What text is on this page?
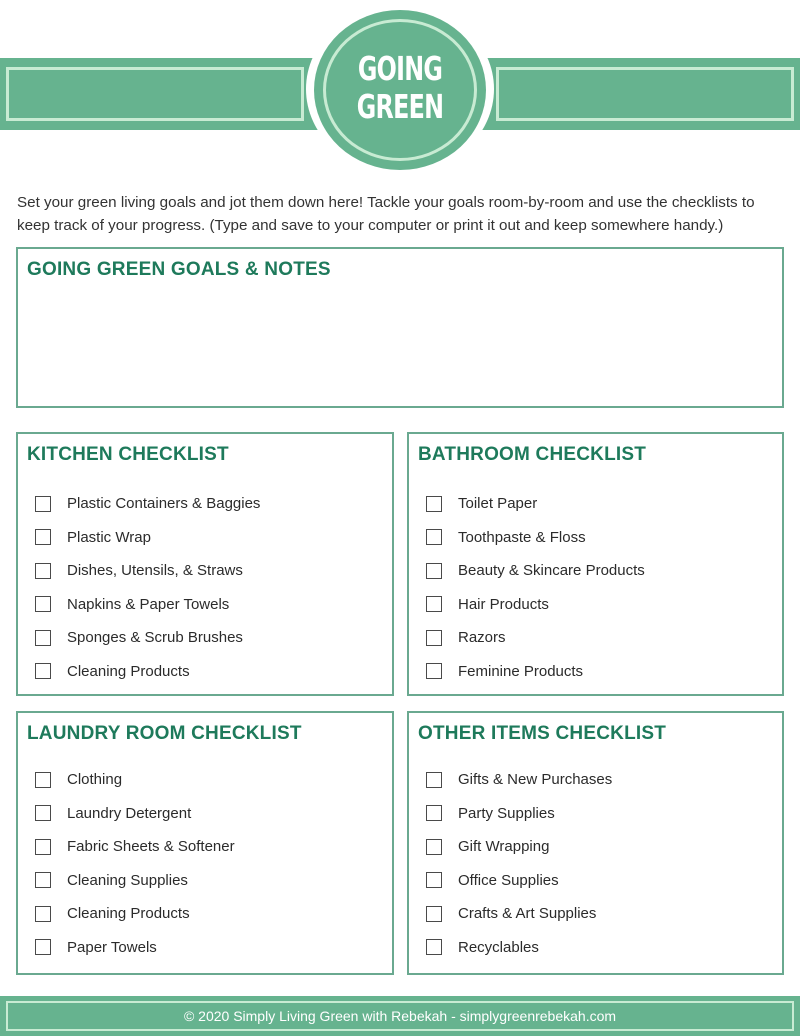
GOING
GREEN

Set your green living goals and jot them down here! Tackle your goals room-by-room and use the checklists to keep track of your progress. (Type and save to your computer or print it out and keep somewhere handy.)

GOING GREEN GOALS & NOTES
KITCHEN CHECKLIST
Plastic Containers & Baggies
Plastic Wrap
Dishes, Utensils, & Straws
Napkins & Paper Towels
Sponges & Scrub Brushes
Cleaning Products
BATHROOM CHECKLIST
Toilet Paper
Toothpaste & Floss
Beauty & Skincare Products
Hair Products
Razors
Feminine Products
LAUNDRY ROOM CHECKLIST
Clothing
Laundry Detergent
Fabric Sheets & Softener
Cleaning Supplies
Cleaning Products
Paper Towels
OTHER ITEMS CHECKLIST
Gifts & New Purchases
Party Supplies
Gift Wrapping
Office Supplies
Crafts & Art Supplies
Recyclables
© 2020 Simply Living Green with Rebekah - simplygreenrebekah.com
